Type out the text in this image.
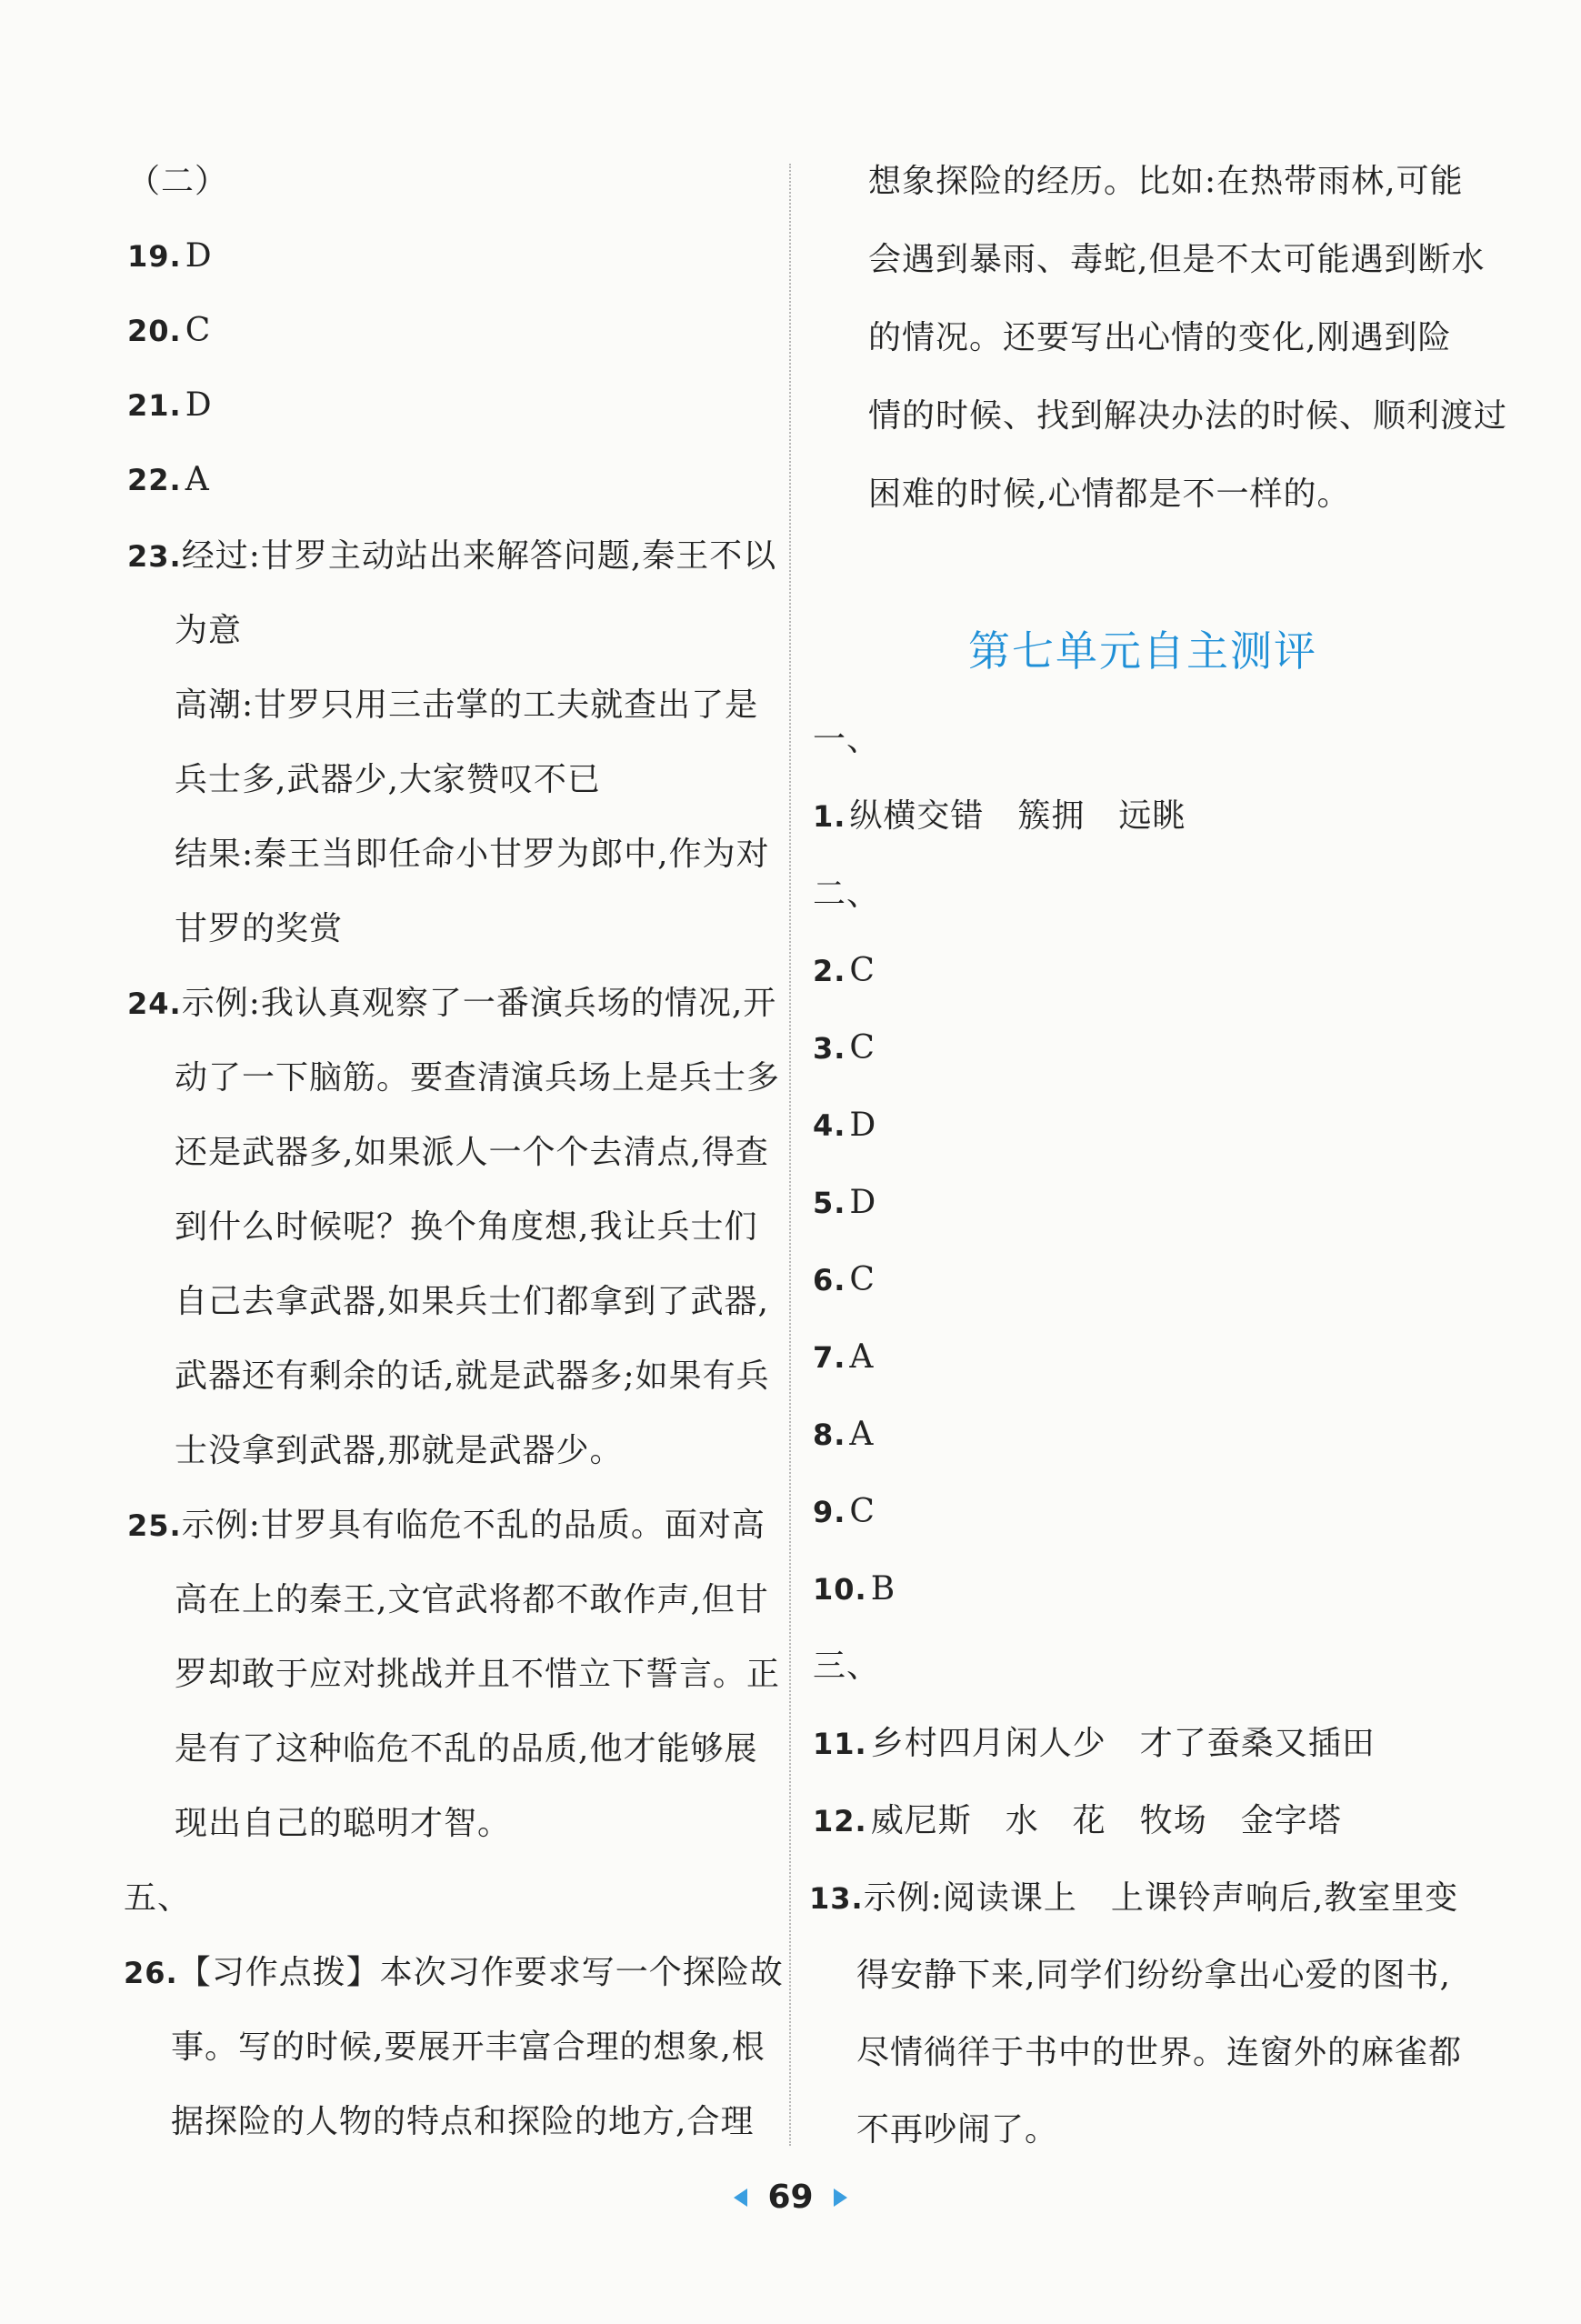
（二）
19. D
20. C
21. D
22. A
23.经过:甘罗主动站出来解答问题,秦王不以
为意
高潮:甘罗只用三击掌的工夫就查出了是
兵士多,武器少,大家赞叹不已
结果:秦王当即任命小甘罗为郎中,作为对
甘罗的奖赏
24.示例:我认真观察了一番演兵场的情况,开
动了一下脑筋。要查清演兵场上是兵士多
还是武器多,如果派人一个个去清点,得查
到什么时候呢？换个角度想,我让兵士们
自己去拿武器,如果兵士们都拿到了武器,
武器还有剩余的话,就是武器多;如果有兵
士没拿到武器,那就是武器少。
25.示例:甘罗具有临危不乱的品质。面对高
高在上的秦王,文官武将都不敢作声,但甘
罗却敢于应对挑战并且不惜立下誓言。正
是有了这种临危不乱的品质,他才能够展
现出自己的聪明才智。
五、
26.【习作点拨】本次习作要求写一个探险故
事。写的时候,要展开丰富合理的想象,根
据探险的人物的特点和探险的地方,合理
想象探险的经历。比如:在热带雨林,可能
会遇到暴雨、毒蛇,但是不太可能遇到断水
的情况。还要写出心情的变化,刚遇到险
情的时候、找到解决办法的时候、顺利渡过
困难的时候,心情都是不一样的。
一、
1. 纵横交错　簇拥　远眺
二、
2. C
3. C
4. D
5. D
6. C
7. A
8. A
9. C
10. B
三、
11. 乡村四月闲人少　才了蚕桑又插田
12. 威尼斯　水　花　牧场　金字塔
13.示例:阅读课上　上课铃声响后,教室里变
得安静下来,同学们纷纷拿出心爱的图书,
尽情徜徉于书中的世界。连窗外的麻雀都
不再吵闹了。
第七单元自主测评
69
